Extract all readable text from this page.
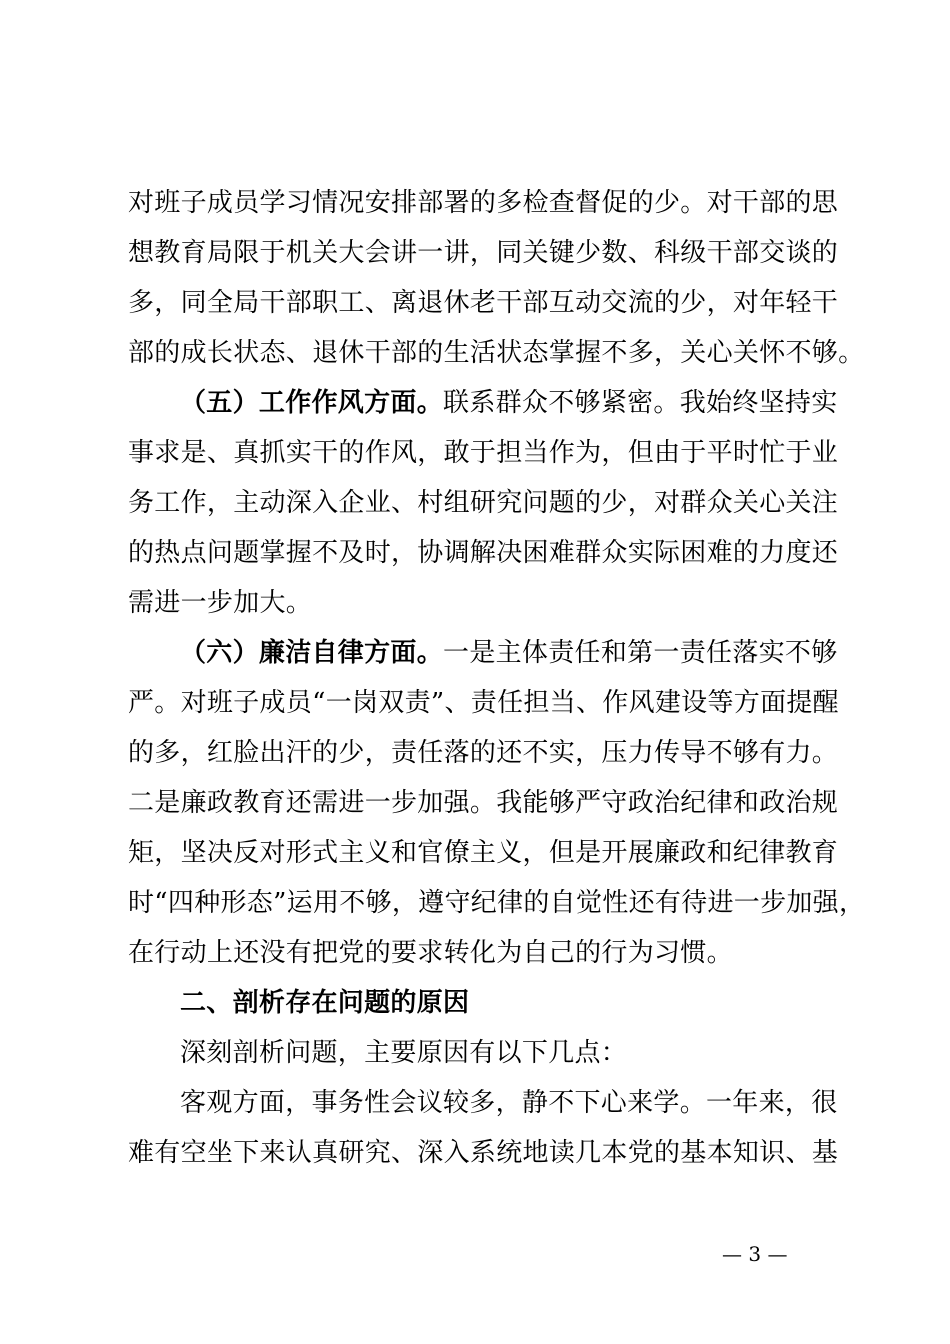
对班子成员学习情况安排部署的多检查督促的少。对干部的思
想教育局限于机关大会讲一讲，同关键少数、科级干部交谈的
多，同全局干部职工、离退休老干部互动交流的少，对年轻干
部的成长状态、退休干部的生活状态掌握不多，关心关怀不够。
（五）工作作风方面。联系群众不够紧密。我始终坚持实
事求是、真抓实干的作风，敢于担当作为，但由于平时忙于业
务工作，主动深入企业、村组研究问题的少，对群众关心关注
的热点问题掌握不及时，协调解决困难群众实际困难的力度还
需进一步加大。
（六）廉洁自律方面。一是主体责任和第一责任落实不够
严。对班子成员“一岗双责”、责任担当、作风建设等方面提醒
的多，红脸出汗的少，责任落的还不实，压力传导不够有力。
二是廉政教育还需进一步加强。我能够严守政治纪律和政治规
矩，坚决反对形式主义和官僚主义，但是开展廉政和纪律教育
时“四种形态”运用不够，遵守纪律的自觉性还有待进一步加强，
在行动上还没有把党的要求转化为自己的行为习惯。
二、剖析存在问题的原因
深刻剖析问题，主要原因有以下几点：
客观方面，事务性会议较多，静不下心来学。一年来，很
难有空坐下来认真研究、深入系统地读几本党的基本知识、基
— 3 —
